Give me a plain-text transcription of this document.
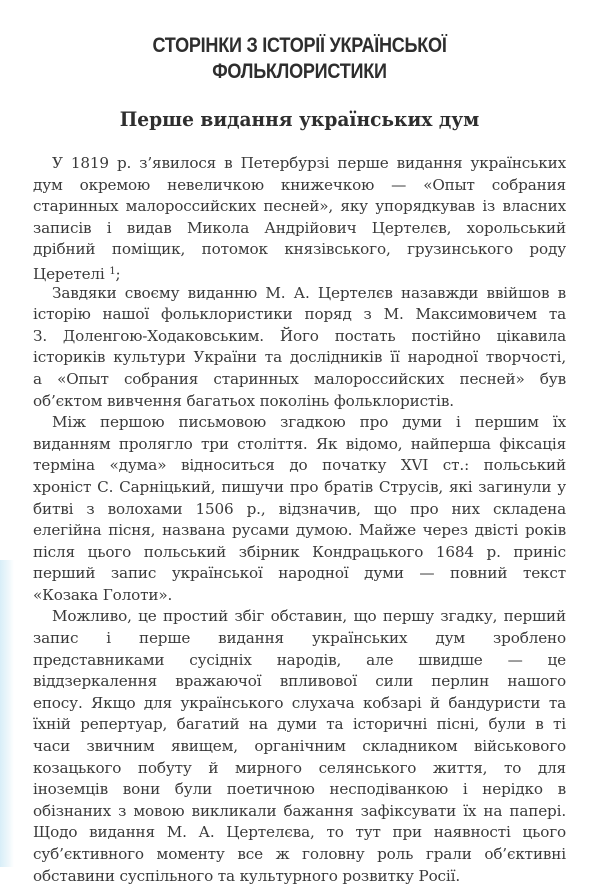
СТОРІНКИ З ІСТОРІЇ УКРАЇНСЬКОЇ
ФОЛЬКЛОРИСТИКИ
Перше видання українських дум
У 1819 р. з’явилося в Петербурзі перше видання українських
дум окремою невеличкою книжечкою — «Опыт собрания
старинных малороссийских песней», яку упорядкував із власних
записів і видав Микола Андрійович Цертелєв, хорольський
дрібний поміщик, потомок князівського, грузинського роду
Церетелі $^1$;
Завдяки своєму виданню М. А. Цертелєв назавжди ввійшов в
історію нашої фольклористики поряд з М. Максимовичем та
З. Доленгою-Ходаковським. Його постать постійно цікавила
істориків культури України та дослідників її народної творчості,
а «Опыт собрания старинных малороссийских песней» був
об’єктом вивчення багатьох поколінь фольклористів.
Між першою письмовою згадкою про думи і першим їх
виданням пролягло три століття. Як відомо, найперша фіксація
терміна «дума» відноситься до початку XVI ст.: польський
хроніст С. Сарніцький, пишучи про братів Струсів, які загинули у
битві з волохами 1506 р., відзначив, що про них складена
елегійна пісня, названа русами думою. Майже через двісті років
після цього польський збірник Кондрацького 1684 р. приніс
перший запис української народної думи — повний текст
«Козака Голоти».
Можливо, це простий збіг обставин, що першу згадку, перший
запис і перше видання українських дум зроблено
представниками сусідніх народів, але швидше — це
віддзеркалення вражаючої впливової сили перлин нашого
епосу. Якщо для українського слухача кобзарі й бандуристи та
їхній репертуар, багатий на думи та історичні пісні, були в ті
часи звичним явищем, органічним складником військового
козацького побуту й мирного селянського життя, то для
іноземців вони були поетичною несподіванкою і нерідко в
обізнаних з мовою викликали бажання зафіксувати їх на папері.
Щодо видання М. А. Цертелєва, то тут при наявності цього
суб’єктивного моменту все ж головну роль грали об’єктивні
обставини суспільного та культурного розвитку Росії.
